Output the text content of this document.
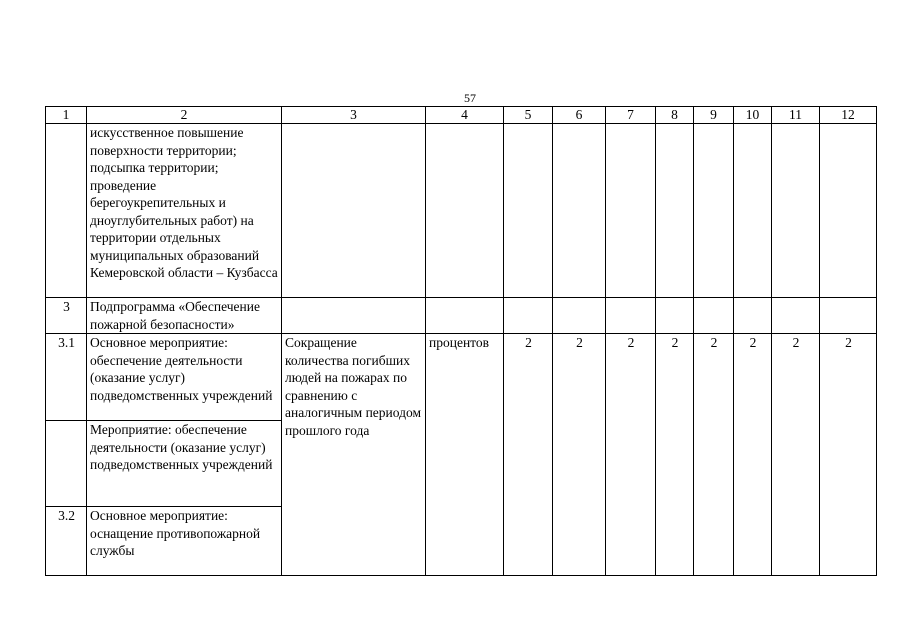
57
1	2	3	4	5	6	7	8	9	10	11	12
	искусственное повышение поверхности территории; подсыпка территории; проведение берегоукрепительных и дноуглубительных работ) на территории отдельных муниципальных образований Кемеровской области – Кузбасса										
3	Подпрограмма «Обеспечение пожарной безопасности»										
3.1	Основное мероприятие: обеспечение деятельности (оказание услуг) подведомственных учреждений	Сокращение количества погибших людей на пожарах по сравнению с аналогичным периодом прошлого года	процентов	2	2	2	2	2	2	2	2
	Мероприятие: обеспечение деятельности (оказание услуг) подведомственных учреждений										
3.2	Основное мероприятие: оснащение противопожарной службы										
